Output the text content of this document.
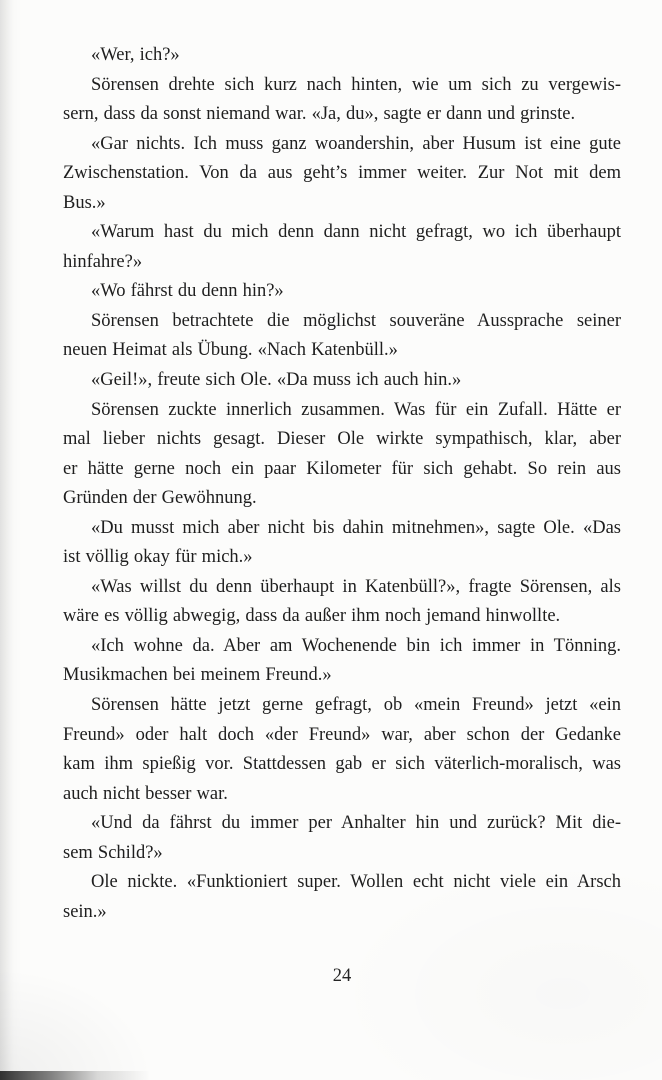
«Wer, ich?»
Sörensen drehte sich kurz nach hinten, wie um sich zu vergewis-
sern, dass da sonst niemand war. «Ja, du», sagte er dann und grinste.
«Gar nichts. Ich muss ganz woandershin, aber Husum ist eine gute
Zwischenstation. Von da aus geht’s immer weiter. Zur Not mit dem
Bus.»
«Warum hast du mich denn dann nicht gefragt, wo ich überhaupt
hinfahre?»
«Wo fährst du denn hin?»
Sörensen betrachtete die möglichst souveräne Aussprache seiner
neuen Heimat als Übung. «Nach Katenbüll.»
«Geil!», freute sich Ole. «Da muss ich auch hin.»
Sörensen zuckte innerlich zusammen. Was für ein Zufall. Hätte er
mal lieber nichts gesagt. Dieser Ole wirkte sympathisch, klar, aber
er hätte gerne noch ein paar Kilometer für sich gehabt. So rein aus
Gründen der Gewöhnung.
«Du musst mich aber nicht bis dahin mitnehmen», sagte Ole. «Das
ist völlig okay für mich.»
«Was willst du denn überhaupt in Katenbüll?», fragte Sörensen, als
wäre es völlig abwegig, dass da außer ihm noch jemand hinwollte.
«Ich wohne da. Aber am Wochenende bin ich immer in Tönning.
Musikmachen bei meinem Freund.»
Sörensen hätte jetzt gerne gefragt, ob «mein Freund» jetzt «ein
Freund» oder halt doch «der Freund» war, aber schon der Gedanke
kam ihm spießig vor. Stattdessen gab er sich väterlich-moralisch, was
auch nicht besser war.
«Und da fährst du immer per Anhalter hin und zurück? Mit die-
sem Schild?»
Ole nickte. «Funktioniert super. Wollen echt nicht viele ein Arsch
sein.»
24
